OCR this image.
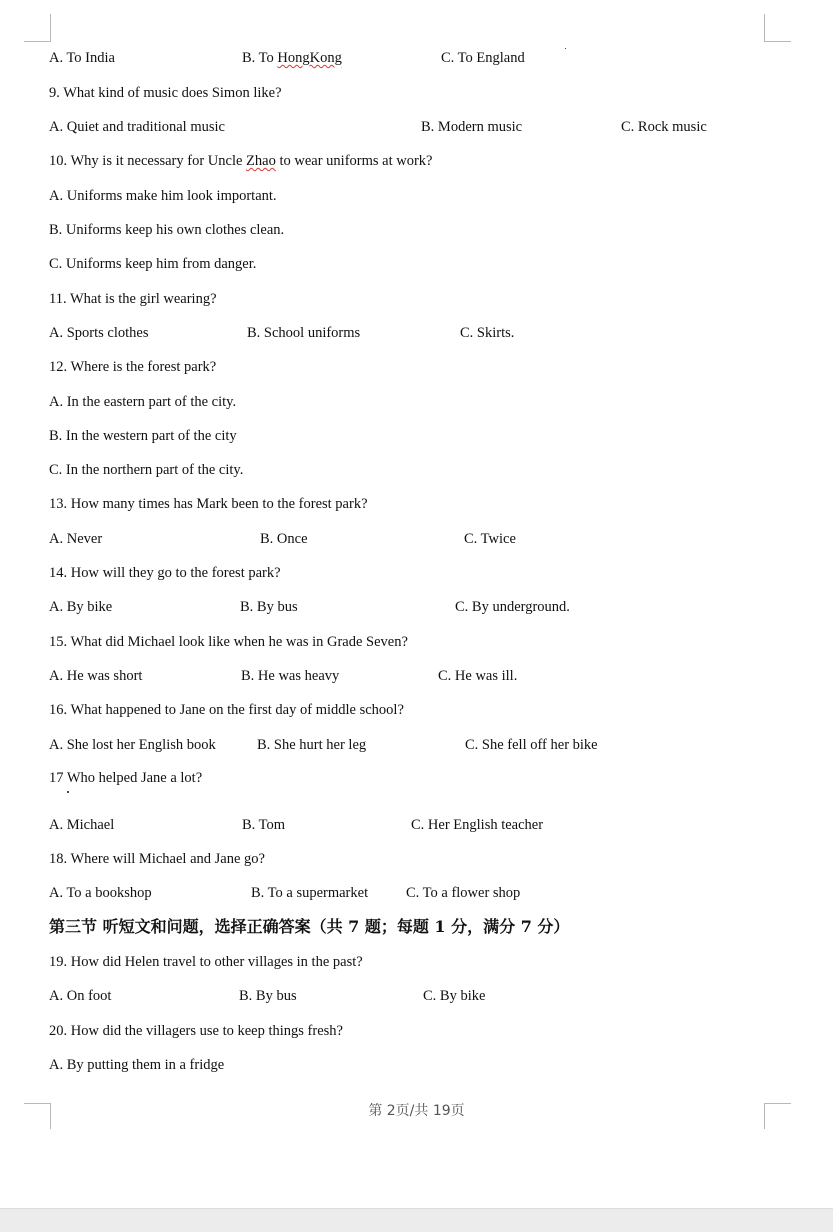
A. To India	B. To HongKong	C. To England
9. What kind of music does Simon like?
A. Quiet and traditional music	B. Modern music	C. Rock music
10. Why is it necessary for Uncle Zhao to wear uniforms at work?
A. Uniforms make him look important.
B. Uniforms keep his own clothes clean.
C. Uniforms keep him from danger.
11. What is the girl wearing?
A. Sports clothes	B. School uniforms	C. Skirts.
12. Where is the forest park?
A. In the eastern part of the city.
B. In the western part of the city
C. In the northern part of the city.
13. How many times has Mark been to the forest park?
A. Never	B. Once	C. Twice
14. How will they go to the forest park?
A. By bike	B. By bus	C. By underground.
15. What did Michael look like when he was in Grade Seven?
A. He was short	B. He was heavy	C. He was ill.
16. What happened to Jane on the first day of middle school?
A. She lost her English book	B. She hurt her leg	C. She fell off her bike
17 Who helped Jane a lot?
A. Michael	B. Tom	C. Her English teacher
18. Where will Michael and Jane go?
A. To a bookshop	B. To a supermarket	C. To a flower shop
第三节 听短文和问题，选择正确答案（共 7 题；每题 1 分，满分 7 分）
19. How did Helen travel to other villages in the past?
A. On foot	B. By bus	C. By bike
20. How did the villagers use to keep things fresh?
A. By putting them in a fridge
第 2页/共 19页
